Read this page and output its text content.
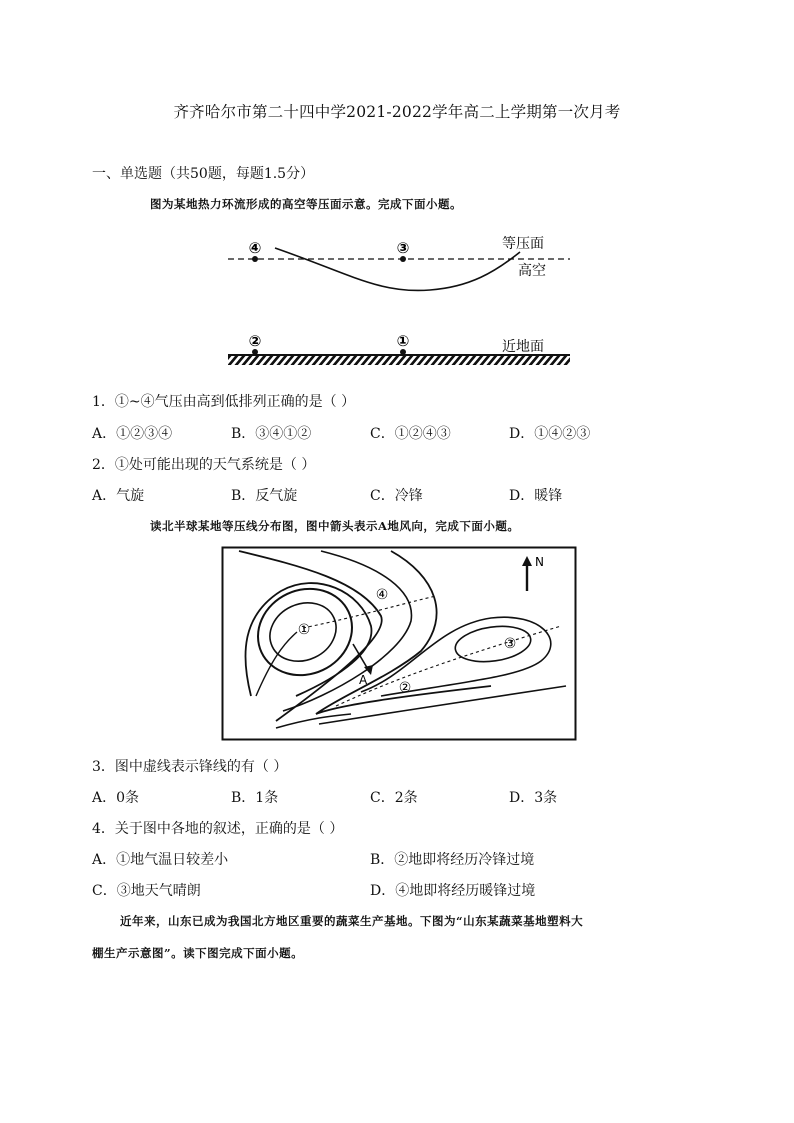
齐齐哈尔市第二十四中学2021-2022学年高二上学期第一次月考
一、单选题（共50题，每题1.5分）
图为某地热力环流形成的高空等压面示意。完成下面小题。
④	③	等压面
高空
②	①	近地面
1．①~④气压由高到低排列正确的是（ ）
A．①②③④	B．③④①②	C．①②④③	D．①④②③
2．①处可能出现的天气系统是（ ）
A．气旋	B．反气旋	C．冷锋	D．暖锋
读北半球某地等压线分布图，图中箭头表示A地风向，完成下面小题。
A
N
①
②
③
④
3．图中虚线表示锋线的有（ ）
A．0条	B．1条	C．2条	D．3条
4．关于图中各地的叙述，正确的是（ ）
A．①地气温日较差小	B．②地即将经历冷锋过境
C．③地天气晴朗	D．④地即将经历暖锋过境
近年来，山东已成为我国北方地区重要的蔬菜生产基地。下图为“山东某蔬菜基地塑料大
棚生产示意图”。读下图完成下面小题。
